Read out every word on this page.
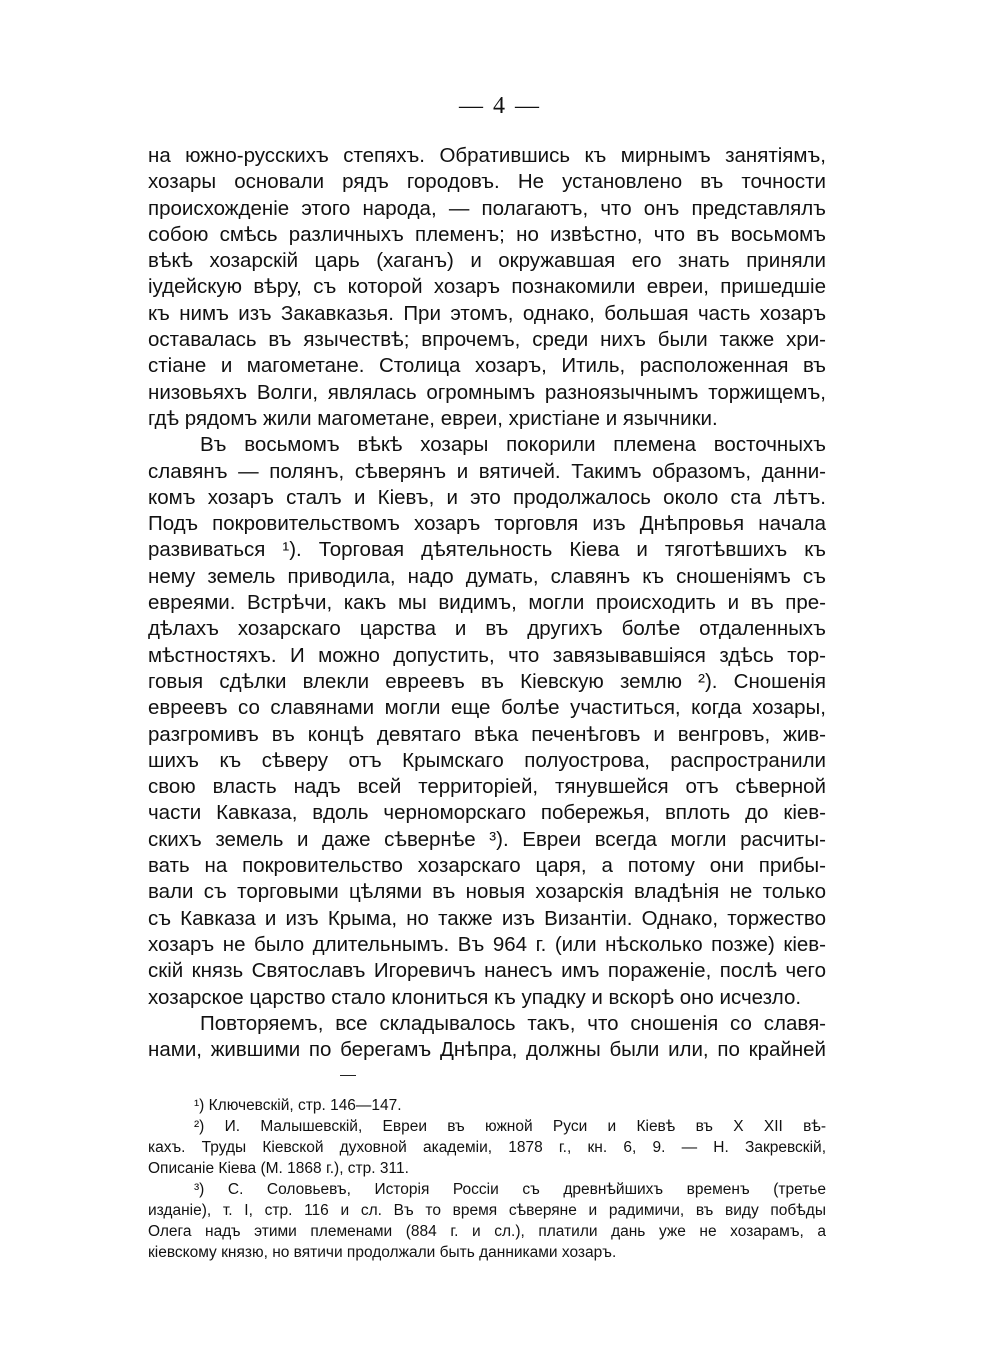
— 4 —

на южно-русскихъ степяхъ. Обратившись къ мирнымъ занятіямъ,
хозары основали рядъ городовъ. Не установлено въ точности
происхожденіе этого народа, — полагаютъ, что онъ представлялъ
собою смѣсь различныхъ племенъ; но извѣстно, что въ восьмомъ
вѣкѣ хозарскій царь (хаганъ) и окружавшая его знать приняли
іудейскую вѣру, съ которой хозаръ познакомили евреи, пришедшіе
къ нимъ изъ Закавказья. При этомъ, однако, большая часть хозаръ
оставалась въ язычествѣ; впрочемъ, среди нихъ были также хри-
стіане и магометане. Столица хозаръ, Итиль, расположенная въ
низовьяхъ Волги, являлась огромнымъ разноязычнымъ торжищемъ,
гдѣ рядомъ жили магометане, евреи, христіане и язычники.

Въ восьмомъ вѣкѣ хозары покорили племена восточныхъ
славянъ — полянъ, сѣверянъ и вятичей. Такимъ образомъ, данни-
комъ хозаръ сталъ и Кіевъ, и это продолжалось около ста лѣтъ.
Подъ покровительствомъ хозаръ торговля изъ Днѣпровья начала
развиваться ¹). Торговая дѣятельность Кіева и тяготѣвшихъ къ
нему земель приводила, надо думать, славянъ къ сношеніямъ съ
евреями. Встрѣчи, какъ мы видимъ, могли происходить и въ пре-
дѣлахъ хозарскаго царства и въ другихъ болѣе отдаленныхъ
мѣстностяхъ. И можно допустить, что завязывавшіяся здѣсь тор-
говыя сдѣлки влекли евреевъ въ Кіевскую землю ²). Сношенія
евреевъ со славянами могли еще болѣе участиться, когда хозары,
разгромивъ въ концѣ девятаго вѣка печенѣговъ и венгровъ, жив-
шихъ къ сѣверу отъ Крымскаго полуострова, распространили
свою власть надъ всей территоріей, тянувшейся отъ сѣверной
части Кавказа, вдоль черноморскаго побережья, вплоть до кіев-
скихъ земель и даже сѣвернѣе ³). Евреи всегда могли расчиты-
вать на покровительство хозарскаго царя, а потому они прибы-
вали съ торговыми цѣлями въ новыя хозарскія владѣнія не только
съ Кавказа и изъ Крыма, но также изъ Византіи. Однако, торжество
хозаръ не было длительнымъ. Въ 964 г. (или нѣсколько позже) кіев-
скій князь Святославъ Игоревичъ нанесъ имъ пораженіе, послѣ чего
хозарское царство стало клониться къ упадку и вскорѣ оно исчезло.

Повторяемъ, все складывалось такъ, что сношенія со славя-
нами, жившими по берегамъ Днѣпра, должны были или, по крайней

¹) Ключевскій, стр. 146—147.

²) И. Малышевскій, Евреи въ южной Руси и Кіевѣ въ X XII вѣ-
кахъ. Труды Кіевской духовной академіи, 1878 г., кн. 6, 9. — Н. Закревскій,
Описаніе Кіева (М. 1868 г.), стр. 311.

³) С. Соловьевъ, Исторія Россіи съ древнѣйшихъ временъ (третье
изданіе), т. I, стр. 116 и сл. Въ то время сѣверяне и радимичи, въ виду побѣды
Олега надъ этими племенами (884 г. и сл.), платили дань уже не хозарамъ, а
кіевскому князю, но вятичи продолжали быть данниками хозаръ.
